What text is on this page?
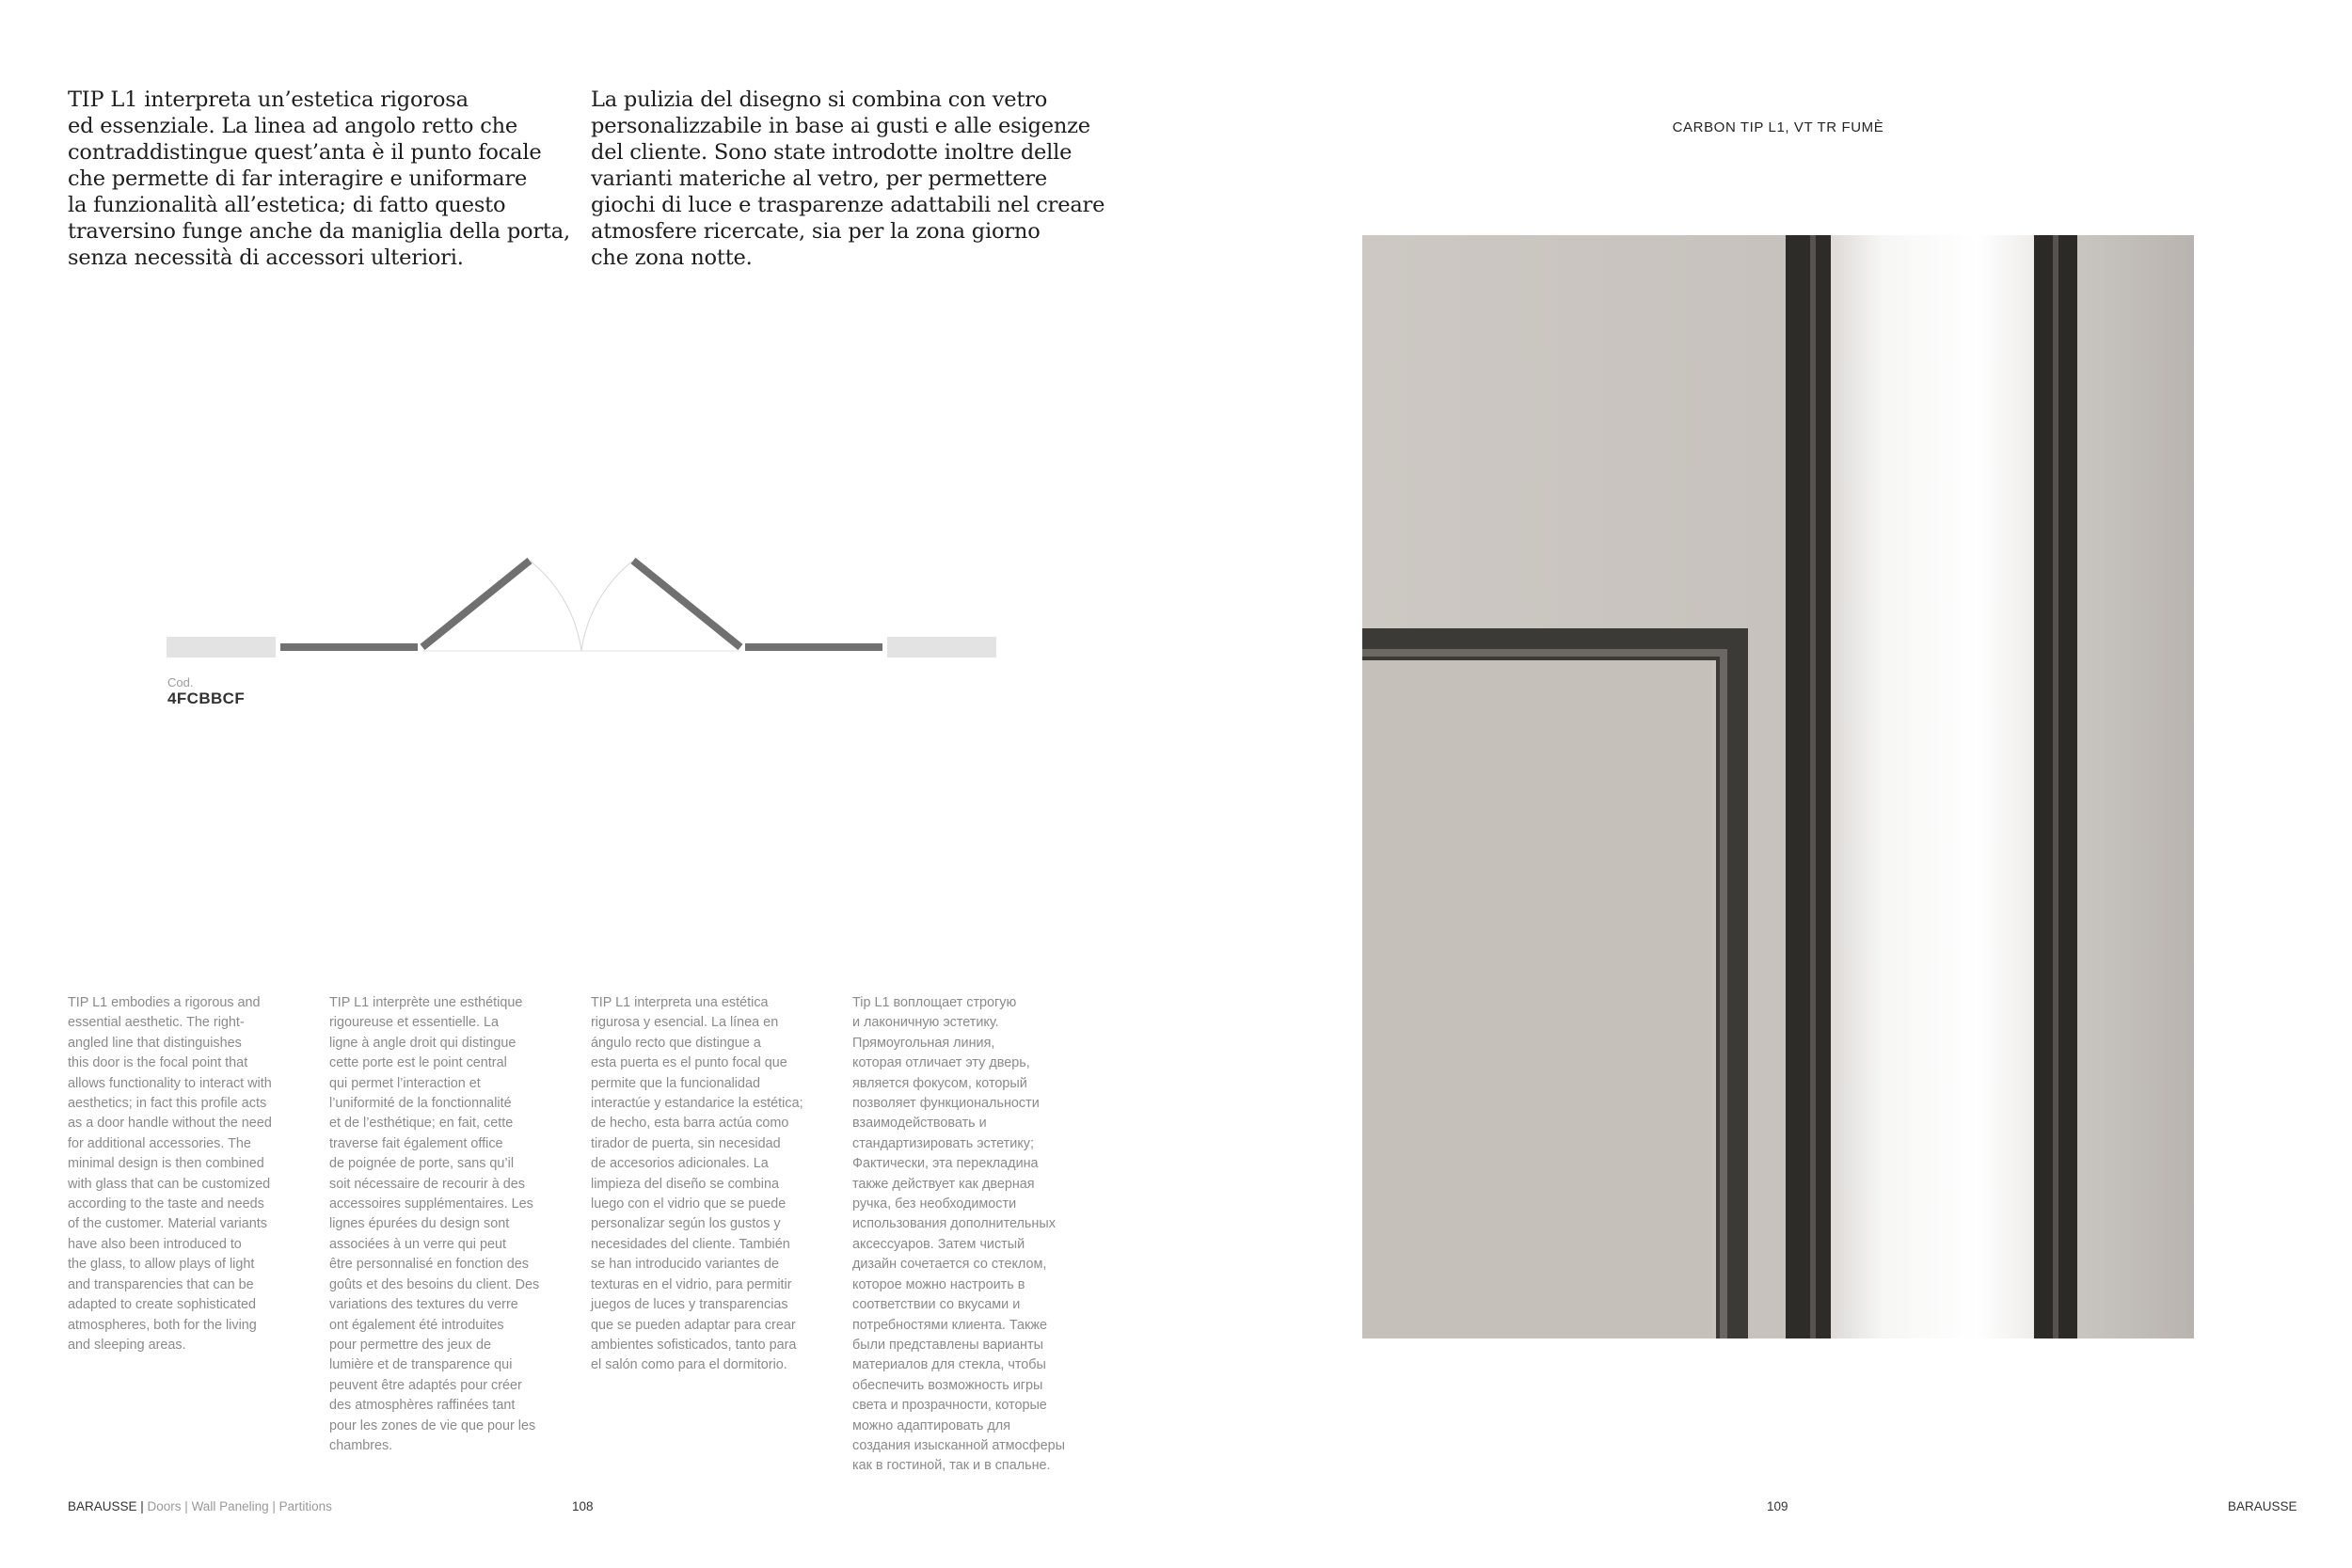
TIP L1 interpreta un’estetica rigorosa
ed essenziale. La linea ad angolo retto che
contraddistingue quest’anta è il punto focale
che permette di far interagire e uniformare
la funzionalità all’estetica; di fatto questo
traversino funge anche da maniglia della porta,
senza necessità di accessori ulteriori.

La pulizia del disegno si combina con vetro
personalizzabile in base ai gusti e alle esigenze
del cliente. Sono state introdotte inoltre delle
varianti materiche al vetro, per permettere
giochi di luce e trasparenze adattabili nel creare
atmosfere ricercate, sia per la zona giorno
che zona notte.

CARBON TIP L1, VT TR FUMÈ
Cod.
4FCBBCF

TIP L1 embodies a rigorous and
essential aesthetic. The right-
angled line that distinguishes
this door is the focal point that
allows functionality to interact with
aesthetics; in fact this profile acts
as a door handle without the need
for additional accessories. The
minimal design is then combined
with glass that can be customized
according to the taste and needs
of the customer. Material variants
have also been introduced to
the glass, to allow plays of light
and transparencies that can be
adapted to create sophisticated
atmospheres, both for the living
and sleeping areas.

TIP L1 interprète une esthétique
rigoureuse et essentielle. La
ligne à angle droit qui distingue
cette porte est le point central
qui permet l’interaction et
l’uniformité de la fonctionnalité
et de l’esthétique; en fait, cette
traverse fait également office
de poignée de porte, sans qu’il
soit nécessaire de recourir à des
accessoires supplémentaires. Les
lignes épurées du design sont
associées à un verre qui peut
être personnalisé en fonction des
goûts et des besoins du client. Des
variations des textures du verre
ont également été introduites
pour permettre des jeux de
lumière et de transparence qui
peuvent être adaptés pour créer
des atmosphères raffinées tant
pour les zones de vie que pour les
chambres.

TIP L1 interpreta una estética
rigurosa y esencial. La línea en
ángulo recto que distingue a
esta puerta es el punto focal que
permite que la funcionalidad
interactúe y estandarice la estética;
de hecho, esta barra actúa como
tirador de puerta, sin necesidad
de accesorios adicionales. La
limpieza del diseño se combina
luego con el vidrio que se puede
personalizar según los gustos y
necesidades del cliente. También
se han introducido variantes de
texturas en el vidrio, para permitir
juegos de luces y transparencias
que se pueden adaptar para crear
ambientes sofisticados, tanto para
el salón como para el dormitorio.

Tip L1 воплощает строгую
и лаконичную эстетику.
Прямоугольная линия,
которая отличает эту дверь,
является фокусом, который
позволяет функциональности
взаимодействовать и
стандартизировать эстетику;
Фактически, эта перекладина
также действует как дверная
ручка, без необходимости
использования дополнительных
аксессуаров. Затем чистый
дизайн сочетается со стеклом,
которое можно настроить в
соответствии со вкусами и
потребностями клиента. Также
были представлены варианты
материалов для стекла, чтобы
обеспечить возможность игры
света и прозрачности, которые
можно адаптировать для
создания изысканной атмосферы
как в гостиной, так и в спальне.

BARAUSSE | Doors | Wall Paneling | Partitions	108	109	BARAUSSE
